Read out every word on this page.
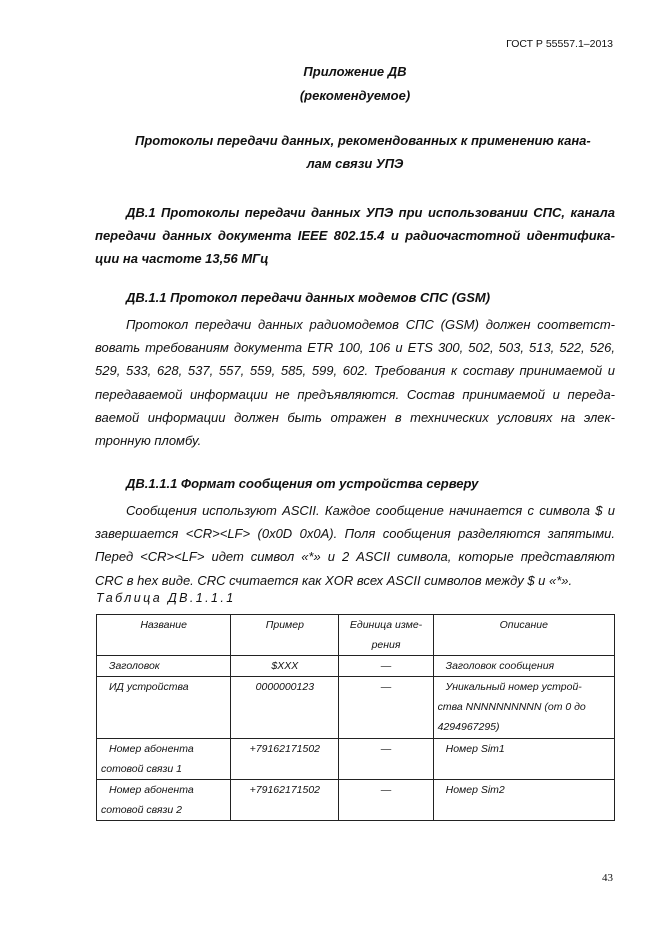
ГОСТ Р 55557.1–2013
Приложение ДВ
(рекомендуемое)
Протоколы передачи данных, рекомендованных к применению кана-
лам связи УПЭ
ДВ.1 Протоколы передачи данных УПЭ при использовании СПС, канала
передачи данных документа IEEE 802.15.4 и радиочастотной идентифика-
ции на частоте 13,56 МГц
ДВ.1.1 Протокол передачи данных модемов СПС (GSM)
Протокол передачи данных радиомодемов СПС (GSM) должен соответст-
вовать требованиям документа ETR 100, 106 и ETS 300, 502, 503, 513, 522, 526,
529, 533, 628, 537, 557, 559, 585, 599, 602. Требования к составу принимаемой и
передаваемой информации не предъявляются. Состав принимаемой и переда-
ваемой информации должен быть отражен в технических условиях на элек-
тронную пломбу.
ДВ.1.1.1 Формат сообщения от устройства серверу
Сообщения используют ASCII. Каждое сообщение начинается с символа $ и
завершается <CR><LF> (0x0D 0x0A). Поля сообщения разделяются запятыми.
Перед <CR><LF> идет символ «*» и 2 ASCII символа, которые представляют
CRC в hex виде. CRC считается как XOR всех ASCII символов между $ и «*».
Таблица ДВ.1.1.1
Название	Пример	Единица изме-
рения	Описание
Заголовок	$XXX	—	Заголовок сообщения
ИД устройства	0000000123	—	Уникальный номер устрой-
ства NNNNNNNNNN (от 0 до
4294967295)

Номер абонента
сотовой связи 1	+79162171502	—	Номер Sim1

Номер абонента
сотовой связи 2	+79162171502	—	Номер Sim2
43
